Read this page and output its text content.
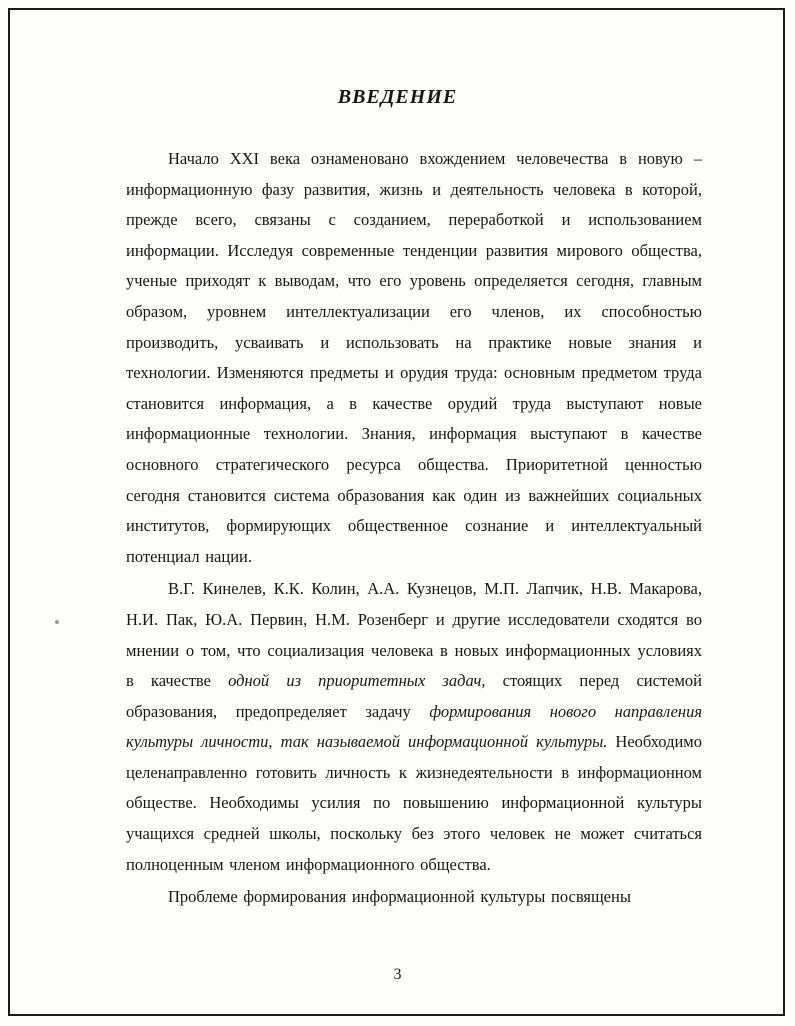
ВВЕДЕНИЕ

Начало XXI века ознаменовано вхождением человечества в новую – информационную фазу развития, жизнь и деятельность человека в которой, прежде всего, связаны с созданием, переработкой и использованием информации. Исследуя современные тенденции развития мирового общества, ученые приходят к выводам, что его уровень определяется сегодня, главным образом, уровнем интеллектуализации его членов, их способностью производить, усваивать и использовать на практике новые знания и технологии. Изменяются предметы и орудия труда: основным предметом труда становится информация, а в качестве орудий труда выступают новые информационные технологии. Знания, информация выступают в качестве основного стратегического ресурса общества. Приоритетной ценностью сегодня становится система образования как один из важнейших социальных институтов, формирующих общественное сознание и интеллектуальный потенциал нации.

В.Г. Кинелев, К.К. Колин, А.А. Кузнецов, М.П. Лапчик, Н.В. Макарова, Н.И. Пак, Ю.А. Первин, Н.М. Розенберг и другие исследователи сходятся во мнении о том, что социализация человека в новых информационных условиях в качестве одной из приоритетных задач, стоящих перед системой образования, предопределяет задачу формирования нового направления культуры личности, так называемой информационной культуры. Необходимо целенаправленно готовить личность к жизнедеятельности в информационном обществе. Необходимы усилия по повышению информационной культуры учащихся средней школы, поскольку без этого человек не может считаться полноценным членом информационного общества.

Проблеме формирования информационной культуры посвящены

3
